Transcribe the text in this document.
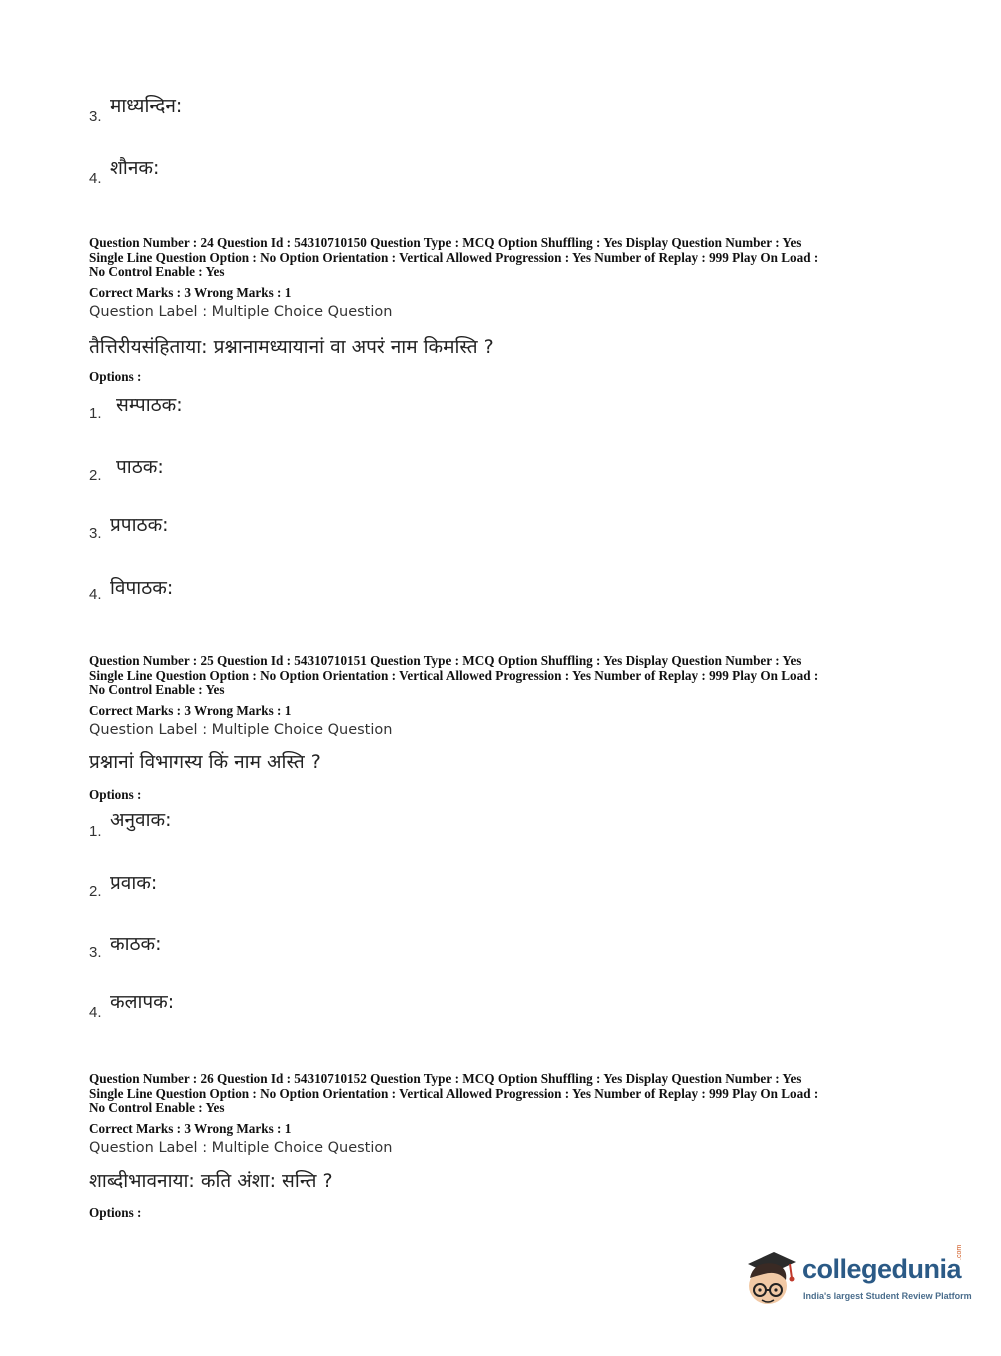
3. माध्यन्दिन:
4. शौनक:
Question Number : 24 Question Id : 54310710150 Question Type : MCQ Option Shuffling : Yes Display Question Number : Yes
Single Line Question Option : No Option Orientation : Vertical Allowed Progression : Yes Number of Replay : 999 Play On Load :
No Control Enable : Yes
Correct Marks : 3 Wrong Marks : 1
Question Label : Multiple Choice Question
तैत्तिरीयसंहिताया: प्रश्नानामध्यायानां वा अपरं नाम किमस्ति ?
Options :
1. सम्पाठक:
2. पाठक:
3. प्रपाठक:
4. विपाठक:
Question Number : 25 Question Id : 54310710151 Question Type : MCQ Option Shuffling : Yes Display Question Number : Yes
Single Line Question Option : No Option Orientation : Vertical Allowed Progression : Yes Number of Replay : 999 Play On Load :
No Control Enable : Yes
Correct Marks : 3 Wrong Marks : 1
Question Label : Multiple Choice Question
प्रश्नानां विभागस्य किं नाम अस्ति ?
Options :
1.
अनुवाक:
2. प्रवाक:
3. काठक:
4. कलापक:
Question Number : 26 Question Id : 54310710152 Question Type : MCQ Option Shuffling : Yes Display Question Number : Yes
Single Line Question Option : No Option Orientation : Vertical Allowed Progression : Yes Number of Replay : 999 Play On Load :
No Control Enable : Yes
Correct Marks : 3 Wrong Marks : 1
Question Label : Multiple Choice Question
शाब्दीभावनाया: कति अंशा: सन्ति ?
Options :
collegedunia
.com
India's largest Student Review Platform
